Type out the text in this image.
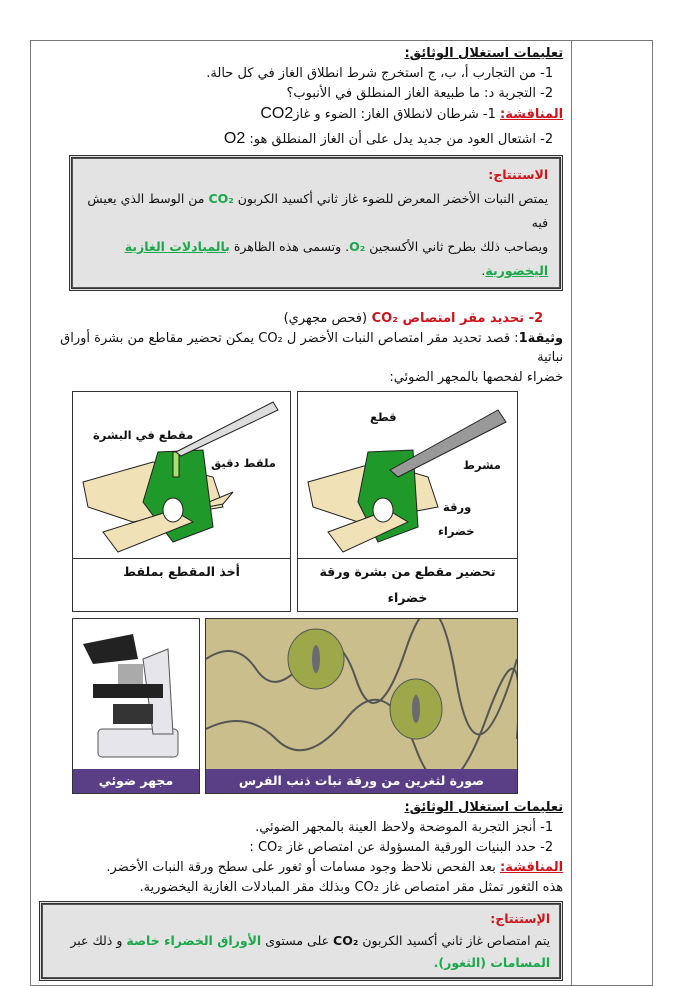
تعليمات استغلال الوثائق:
1- من التجارب أ، ب، ج استخرج شرط انطلاق الغاز في كل حالة.
2- التجربة د: ما طبيعة الغاز المنطلق في الأنبوب؟
المناقشة: 1- شرطان لانطلاق الغاز: الضوء و غازCO2
2- اشتعال العود من جديد يدل على أن الغاز المنطلق هو: O2
الاستنتاج:
يمتص النبات الأخضر المعرض للضوء غاز ثاني أكسيد الكربون CO₂ من الوسط الذي يعيش فيه
ويصاحب ذلك بطرح ثاني الأكسجين O₂. وتسمى هذه الظاهرة بالمبادلات الغازية اليخضورية.
2- تحديد مقر امتصاص CO₂ (فحص مجهري)
وثيقة1: قصد تحديد مقر امتصاص النبات الأخضر ل CO₂ يمكن تحضير مقاطع من بشرة أوراق نباتية
خضراء لفحصها بالمجهر الضوئي:
مقطع في البشرة
ملقط دقيق
أخذ المقطع بملقط
قطع
مشرط
ورقة
خضراء
تحضير مقطع من بشرة ورقة خضراء
مجهر ضوئي	صورة لثغرين من ورقة نبات ذنب الفرس
تعليمات استغلال الوثائق:
1- أنجز التجربة الموضحة ولاحظ العينة بالمجهر الضوئي.
2- حدد البنيات الورقية المسؤولة عن امتصاص غاز CO₂ :
المناقشة: بعد الفحص نلاحظ وجود مسامات أو ثغور على سطح ورقة النبات الأخضر.
هذه الثغور تمثل مقر امتصاص غاز CO₂ وبذلك مقر المبادلات الغازية اليخضورية.
الإستنتاج:
يتم امتصاص غاز ثاني أكسيد الكربون CO₂ على مستوى الأوراق الخضراء خاصة و ذلك عبر
المسامات (الثغور).
